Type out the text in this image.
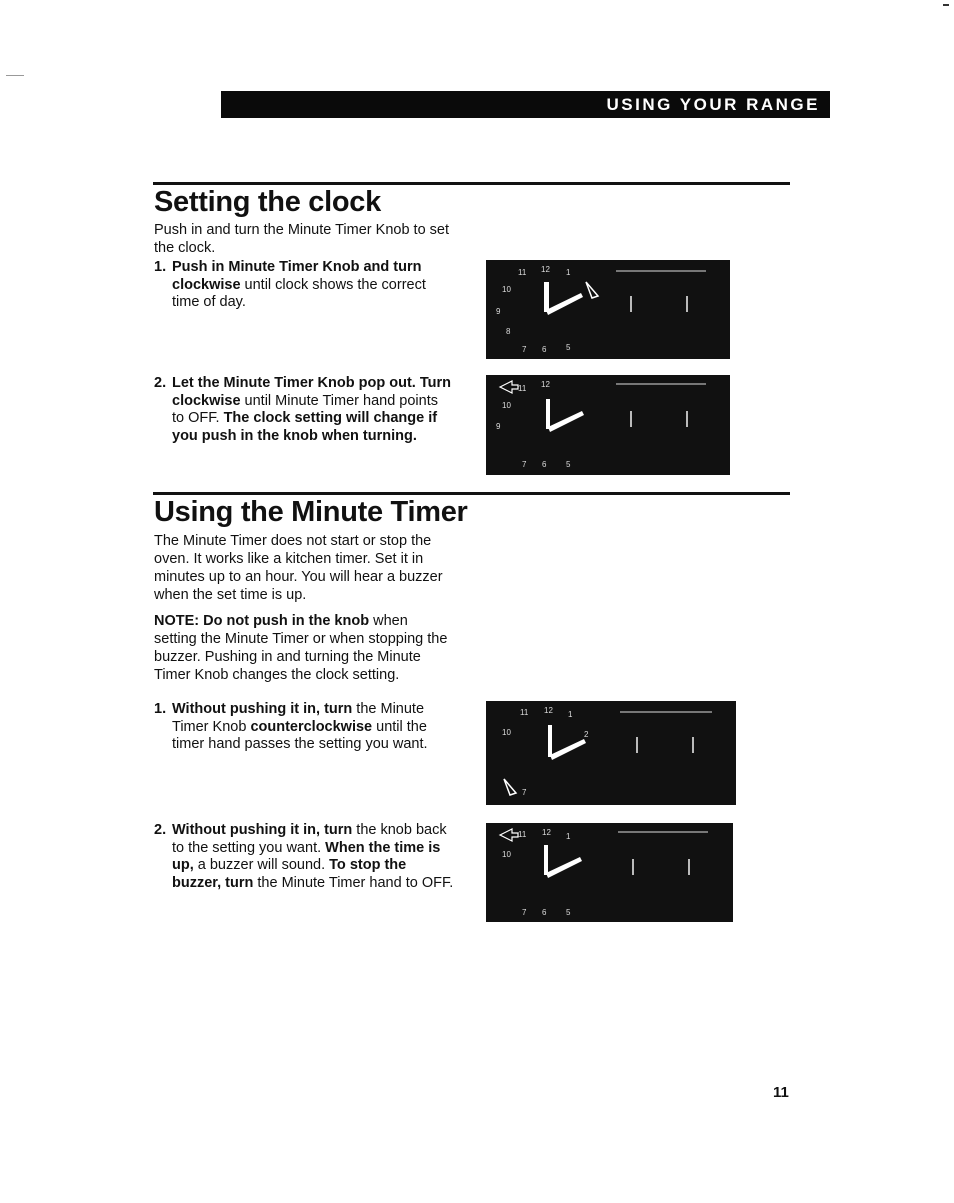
USING YOUR RANGE
Setting the clock

Push in and turn the Minute Timer Knob to set the clock.

1. Push in Minute Timer Knob and turn clockwise until clock shows the correct time of day.
2. Let the Minute Timer Knob pop out. Turn clockwise until Minute Timer hand points to OFF. The clock setting will change if you push in the knob when turning.
11 12 1
10
9
8
7 6 5
11 12
10
9
7 6 5
Using the Minute Timer

The Minute Timer does not start or stop the oven. It works like a kitchen timer. Set it in minutes up to an hour. You will hear a buzzer when the set time is up.

NOTE: Do not push in the knob when setting the Minute Timer or when stopping the buzzer. Pushing in and turning the Minute Timer Knob changes the clock setting.

1. Without pushing it in, turn the Minute Timer Knob counterclockwise until the timer hand passes the setting you want.
2. Without pushing it in, turn the knob back to the setting you want. When the time is up, a buzzer will sound. To stop the buzzer, turn the Minute Timer hand to OFF.
11 12 1
10	2
7
11 12 1
10
7 6 5
11
